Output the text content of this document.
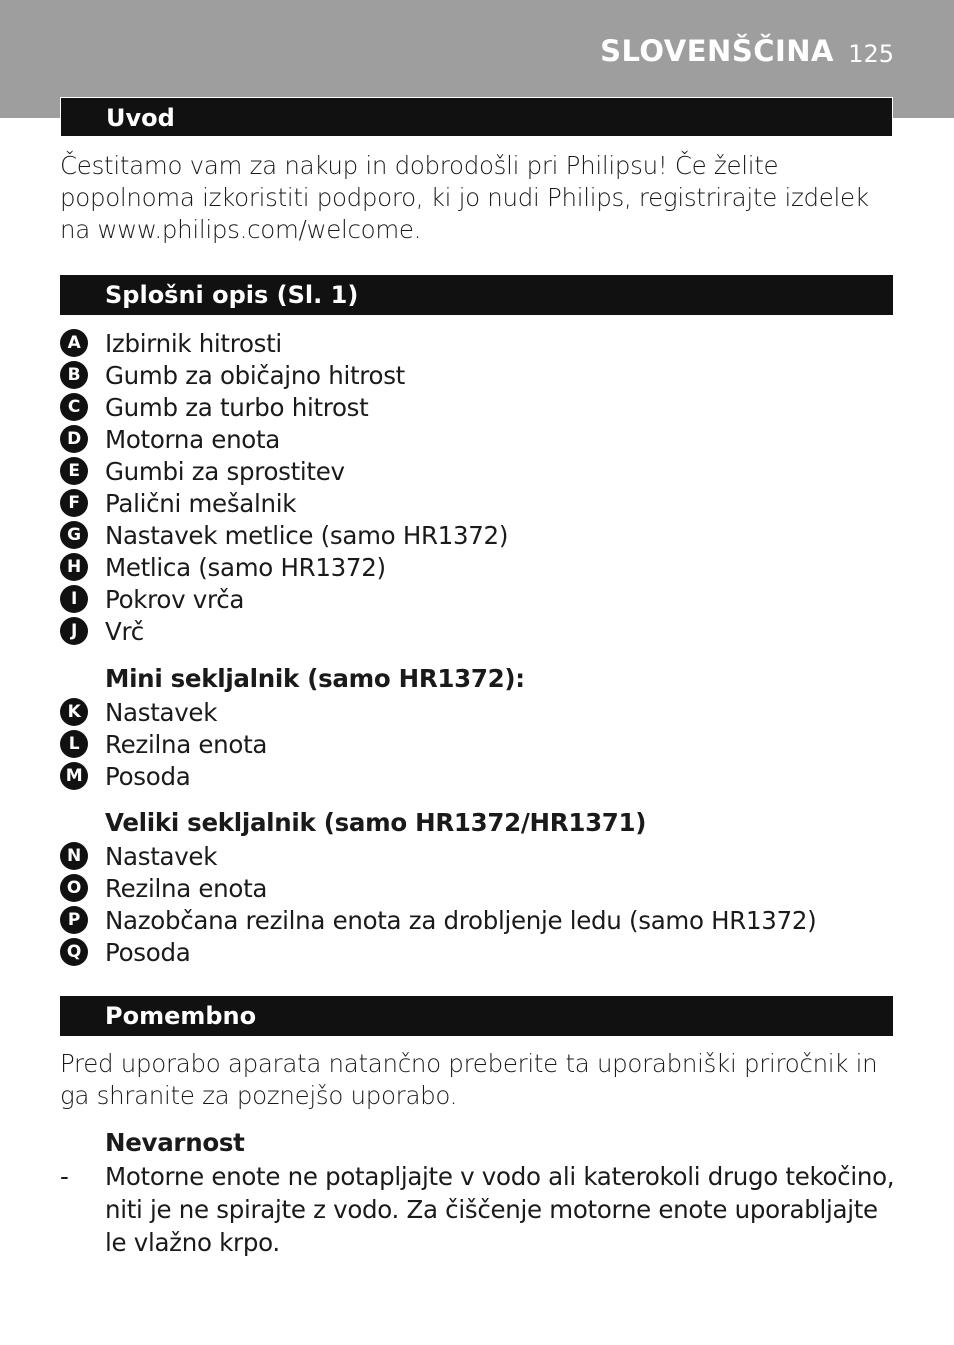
SLOVENŠČINA 125
Uvod
Čestitamo vam za nakup in dobrodošli pri Philipsu! Če želite popolnoma izkoristiti podporo, ki jo nudi Philips, registrirajte izdelek na www.philips.com/welcome.
Splošni opis (Sl. 1)
A	Izbirnik hitrosti
B	Gumb za običajno hitrost
C	Gumb za turbo hitrost
D Motorna enota
E	Gumbi za sprostitev
F	Palični mešalnik
G Nastavek metlice (samo HR1372)
H Metlica (samo HR1372)
I	Pokrov vrča
J	Vrč
Mini sekljalnik (samo HR1372):
K	Nastavek
L	Rezilna enota
M Posoda
Veliki sekljalnik (samo HR1372/HR1371)
N Nastavek
O Rezilna enota
P	Nazobčana rezilna enota za drobljenje ledu (samo HR1372)
Q Posoda
Pomembno
Pred uporabo aparata natančno preberite ta uporabniški priročnik in ga shranite za poznejšo uporabo.
Nevarnost
- Motorne enote ne potapljajte v vodo ali katerokoli drugo tekočino, niti je ne spirajte z vodo. Za čiščenje motorne enote uporabljajte le vlažno krpo.
